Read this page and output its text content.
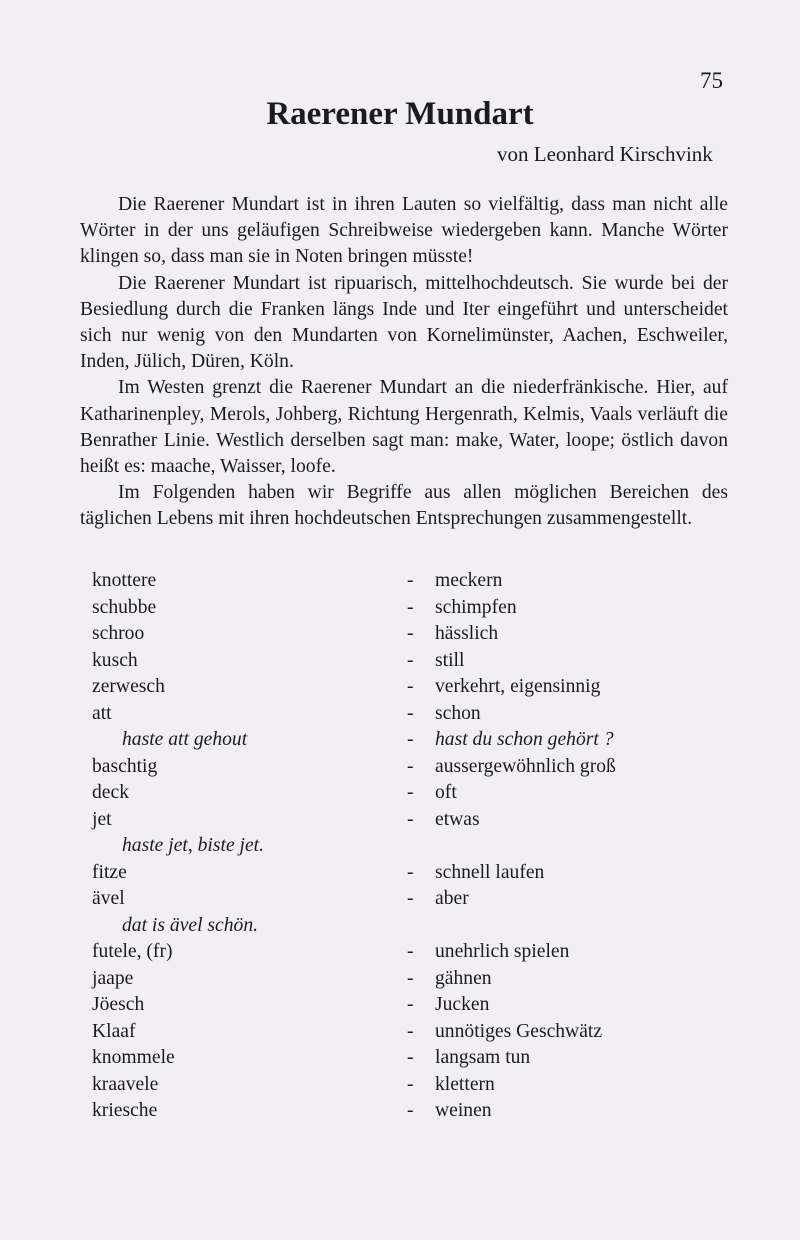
75
Raerener Mundart
von Leonhard Kirschvink

Die Raerener Mundart ist in ihren Lauten so vielfältig, dass man nicht alle Wörter in der uns geläufigen Schreibweise wiedergeben kann. Manche Wörter klingen so, dass man sie in Noten bringen müsste!

Die Raerener Mundart ist ripuarisch, mittelhochdeutsch. Sie wurde bei der Besiedlung durch die Franken längs Inde und Iter eingeführt und unterscheidet sich nur wenig von den Mundarten von Kornelimünster, Aachen, Eschweiler, Inden, Jülich, Düren, Köln.

Im Westen grenzt die Raerener Mundart an die niederfränkische. Hier, auf Katharinenpley, Merols, Johberg, Richtung Hergenrath, Kelmis, Vaals verläuft die Benrather Linie. Westlich derselben sagt man: make, Water, loope; östlich davon heißt es: maache, Waisser, loofe.

Im Folgenden haben wir Begriffe aus allen möglichen Bereichen des täglichen Lebens mit ihren hochdeutschen Entsprechungen zusammengestellt.

knottere	- meckern
schubbe	- schimpfen
schroo	- hässlich
kusch	- still
zerwesch	- verkehrt, eigensinnig
att	- schon
haste att gehout	- hast du schon gehört ?
baschtig	- aussergewöhnlich groß
deck	- oft
jet	- etwas
haste jet, biste jet.
fitze	- schnell laufen
ävel	- aber
dat is ävel schön.
futele, (fr)	- unehrlich spielen
jaape	- gähnen
Jöesch	- Jucken
Klaaf	- unnötiges Geschwätz
knommele	- langsam tun
kraavele	- klettern
kriesche	- weinen
